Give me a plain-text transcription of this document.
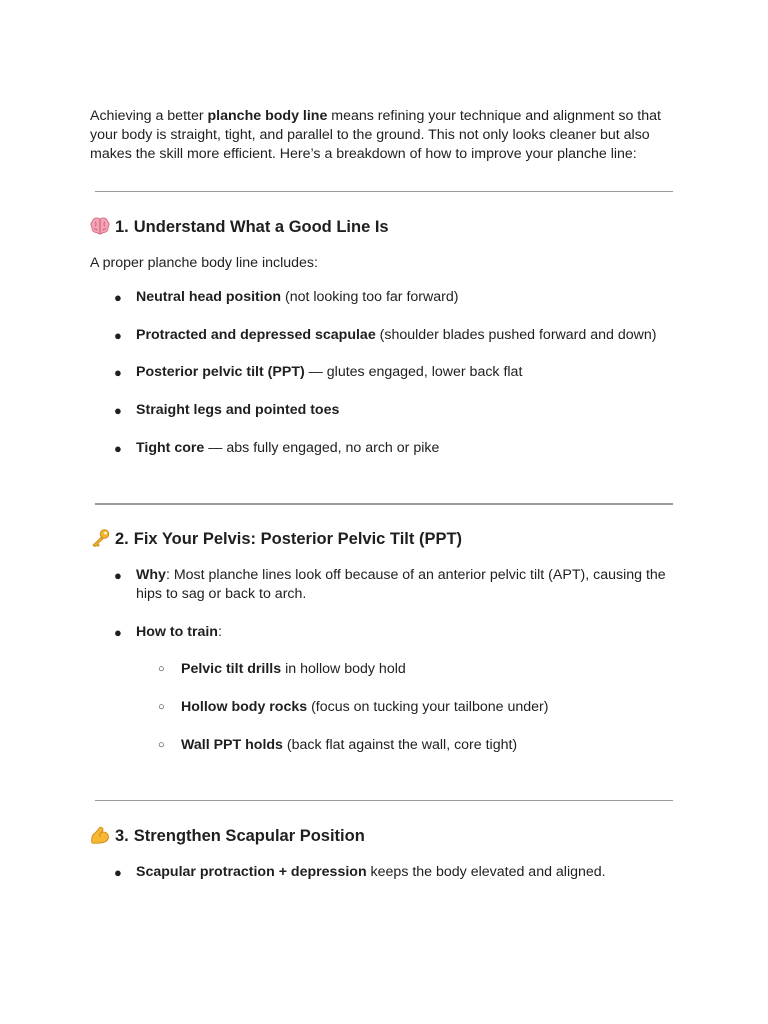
Achieving a better planche body line means refining your technique and alignment so that your body is straight, tight, and parallel to the ground. This not only looks cleaner but also makes the skill more efficient. Here’s a breakdown of how to improve your planche line:

1. Understand What a Good Line Is

A proper planche body line includes:

● Neutral head position (not looking too far forward)

● Protracted and depressed scapulae (shoulder blades pushed forward and down)

● Posterior pelvic tilt (PPT) — glutes engaged, lower back flat

● Straight legs and pointed toes

● Tight core — abs fully engaged, no arch or pike

2. Fix Your Pelvis: Posterior Pelvic Tilt (PPT)

● Why: Most planche lines look off because of an anterior pelvic tilt (APT), causing the hips to sag or back to arch.

● How to train:

○ Pelvic tilt drills in hollow body hold

○ Hollow body rocks (focus on tucking your tailbone under)

○ Wall PPT holds (back flat against the wall, core tight)

3. Strengthen Scapular Position

● Scapular protraction + depression keeps the body elevated and aligned.
